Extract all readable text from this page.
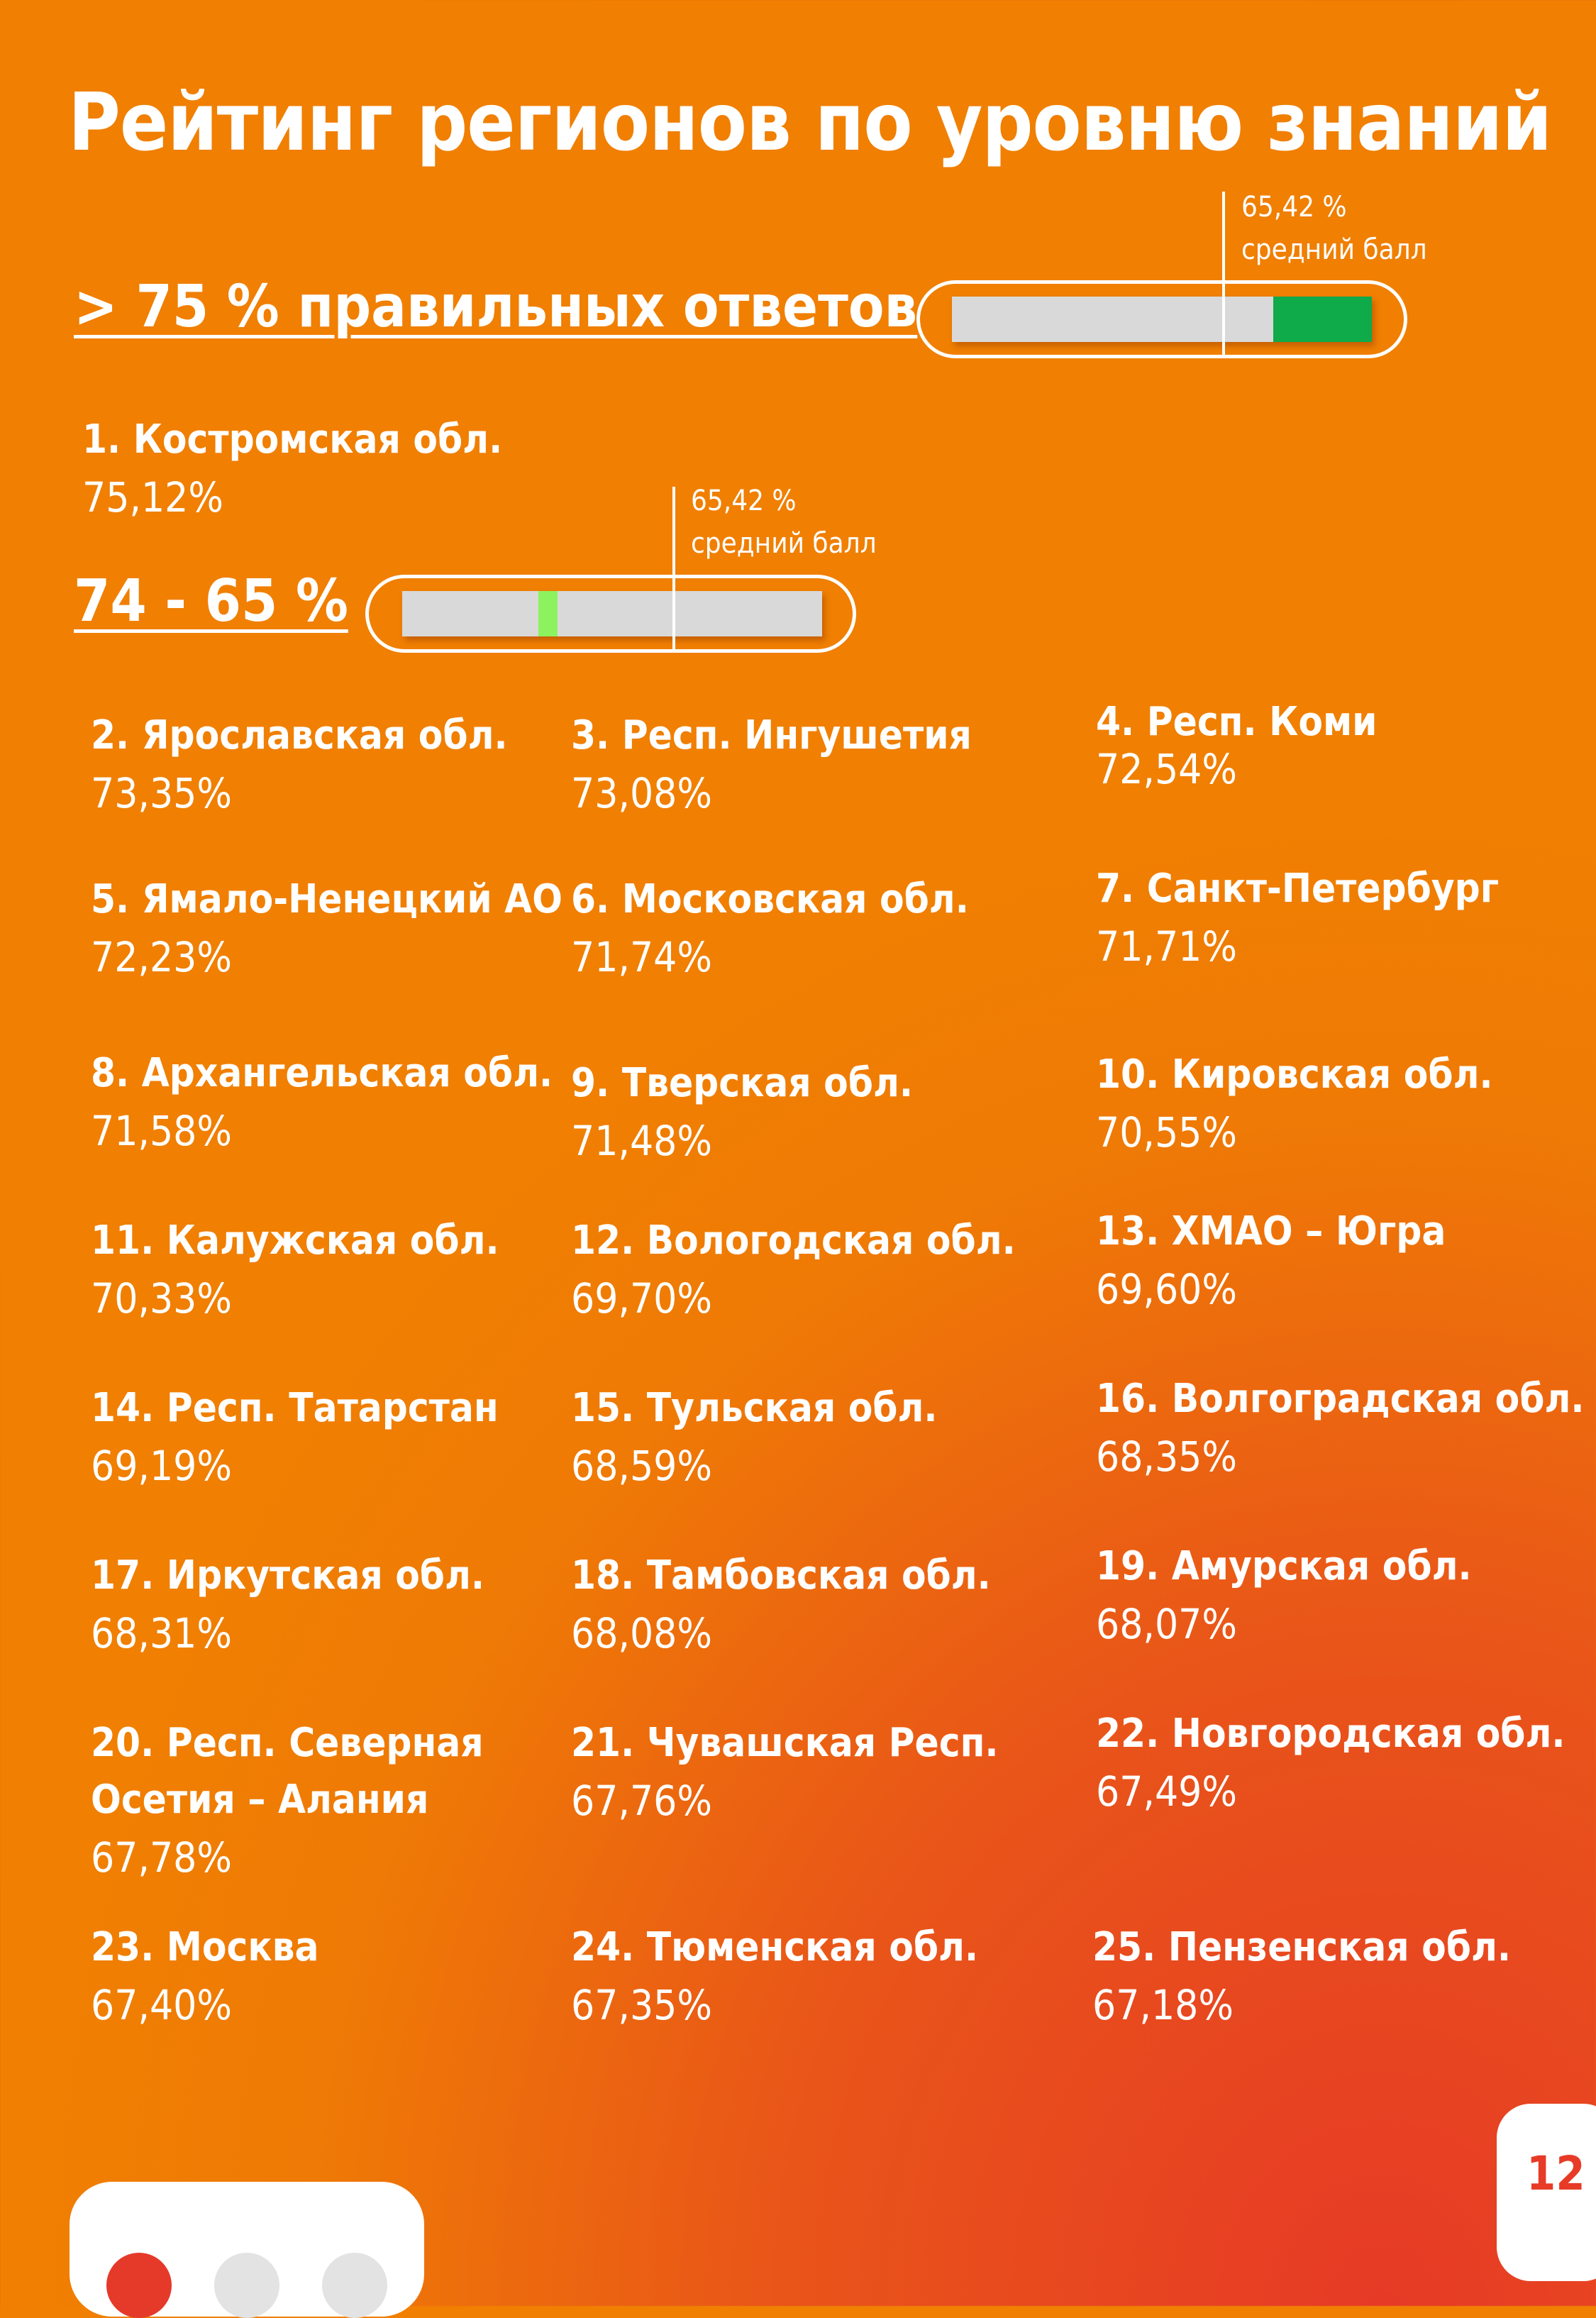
Рейтинг регионов по уровню знаний
> 75 % правильных ответов
65,42 %
средний балл
74 - 65 %
65,42 %
средний балл
1. Костромская обл.
75,12%
2. Ярославская обл.
73,35%
3. Респ. Ингушетия
73,08%
4. Респ. Коми
72,54%
5. Ямало-Ненецкий АО
72,23%
6. Московская обл.
71,74%
7. Санкт-Петербург
71,71%
8. Архангельская обл.
71,58%
9. Тверская обл.
71,48%
10. Кировская обл.
70,55%
11. Калужская обл.
70,33%
12. Вологодская обл.
69,70%
13. ХМАО – Югра
69,60%
14. Респ. Татарстан
69,19%
15. Тульская обл.
68,59%
16. Волгоградская обл.
68,35%
17. Иркутская обл.
68,31%
18. Тамбовская обл.
68,08%
19. Амурская обл.
68,07%
20. Респ. Северная
Осетия – Алания
67,78%
21. Чувашская Респ.
67,76%
22. Новгородская обл.
67,49%
23. Москва
67,40%
24. Тюменская обл.
67,35%
25. Пензенская обл.
67,18%
12
